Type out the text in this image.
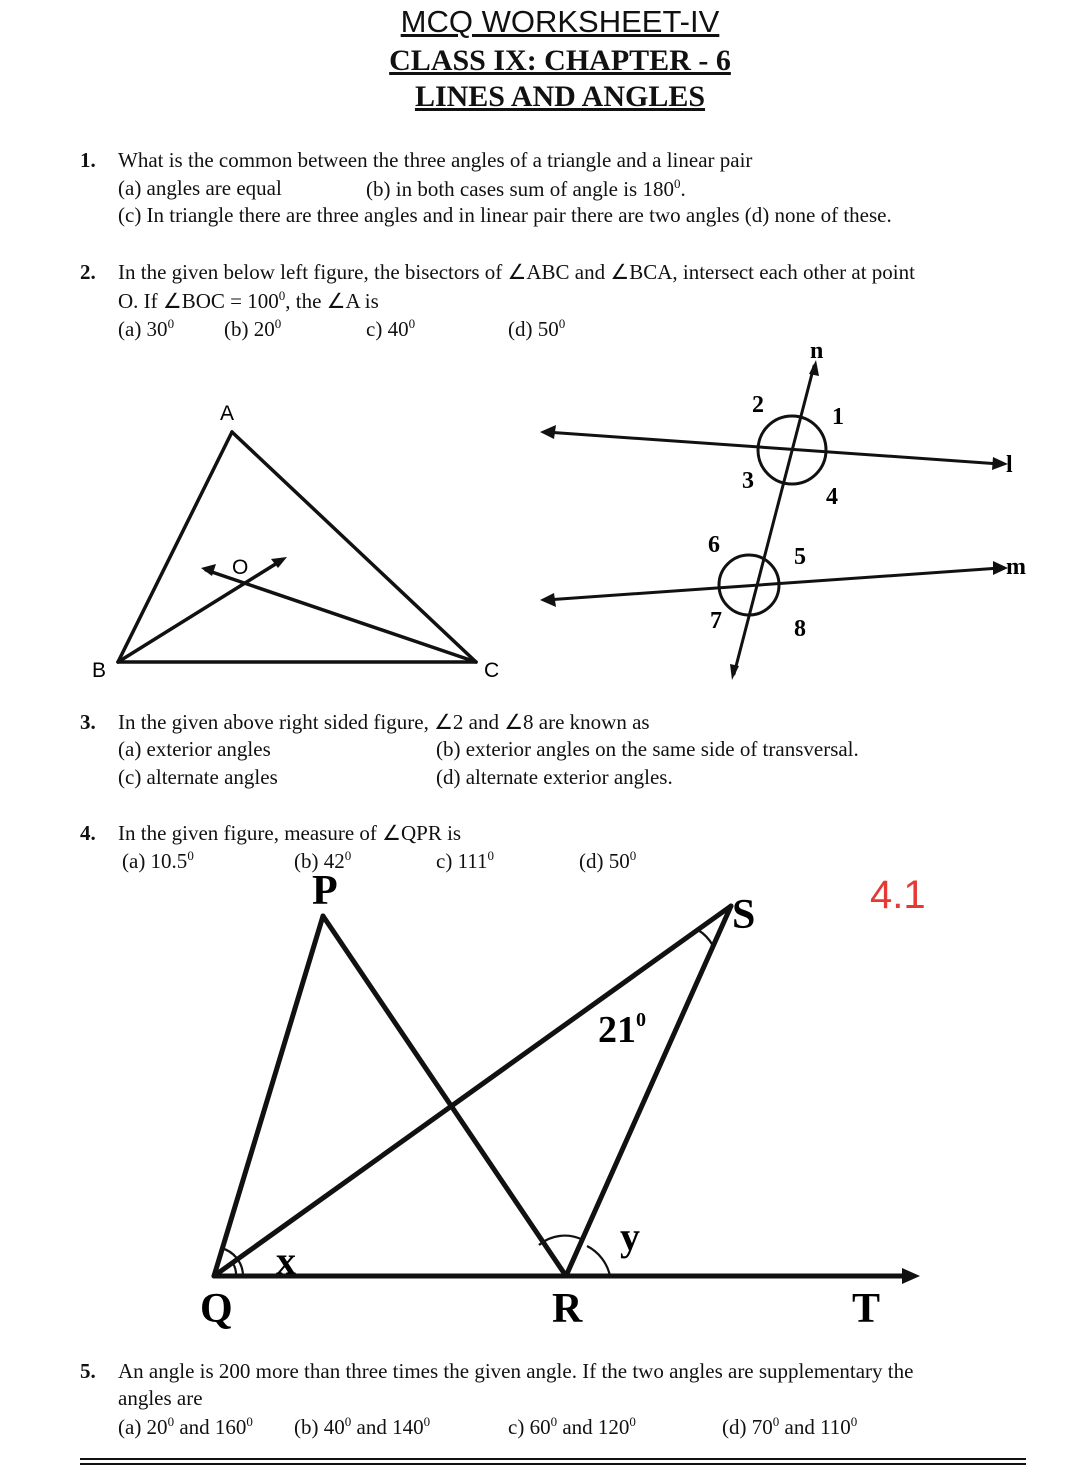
MCQ WORKSHEET-IV
CLASS IX: CHAPTER - 6
LINES AND ANGLES
1. What is the common between the three angles of a triangle and a linear pair
(a) angles are equal	(b) in both cases sum of angle is $180^0$.
(c) In triangle there are three angles and in linear pair there are two angles (d) none of these.
2. In the given below left figure, the bisectors of ∠ABC and ∠BCA, intersect each other at point
O. If ∠BOC = $100^0$, the ∠A is
(a) $30^0$ (b) $20^0$	c) $40^0$	(d) $50^0$
A
B	C
O
n
l
m
1
2
3
4
5
6
7	8
3. In the given above right sided figure, ∠2 and ∠8 are known as
(a) exterior angles	(b) exterior angles on the same side of transversal.
(c) alternate angles	(d) alternate exterior angles.
4. In the given figure, measure of ∠QPR is
(a) 10.5$^0$	(b) $42^0$	c) $111^0$	(d) $50^0$
P
Q	R
S
T
x
y
$21^0$
4.1
5. An angle is 200 more than three times the given angle. If the two angles are supplementary the
angles are
(a) $20^0$ and $160^0$ (b) $40^0$ and $140^0$	c) $60^0$ and $120^0$	(d) $70^0$ and $110^0$
